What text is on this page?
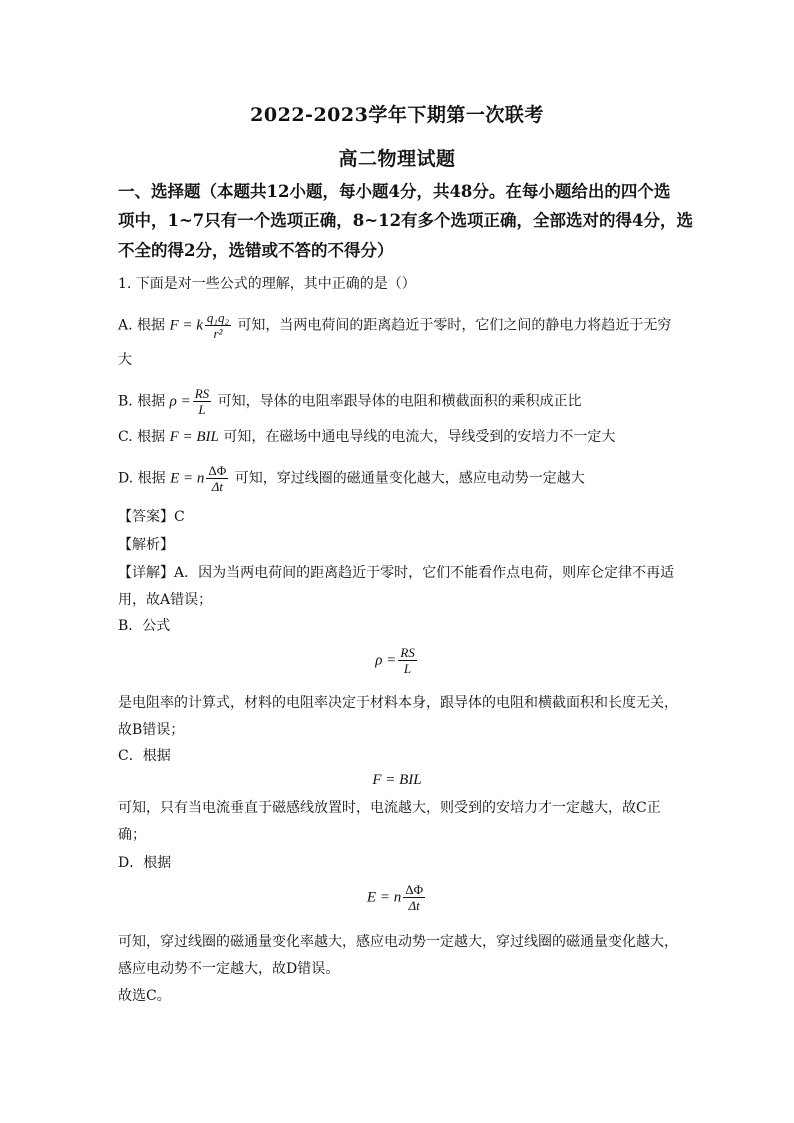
2022-2023学年下期第一次联考
高二物理试题
一、选择题（本题共12小题，每小题4分，共48分。在每小题给出的四个选
项中，1~7只有一个选项正确，8~12有多个选项正确，全部选对的得4分，选
不全的得2分，选错或不答的不得分）
1. 下面是对一些公式的理解，其中正确的是（）
A. 根据 F = k $\frac{\text{q₁q₂}}{\text{r²}}$ 可知，当两电荷间的距离趋近于零时，它们之间的静电力将趋近于无穷
大
B. 根据 $\rho = \frac{RS}{L}$ 可知，导体的电阻率跟导体的电阻和横截面积的乘积成正比
C. 根据 F = BIL 可知，在磁场中通电导线的电流大，导线受到的安培力不一定大
D. 根据 E = n $\frac{\Delta\Phi}{\Delta t}$ 可知，穿过线圈的磁通量变化越大，感应电动势一定越大
【答案】C
【解析】
【详解】A．因为当两电荷间的距离趋近于零时，它们不能看作点电荷，则库仑定律不再适
用，故A错误；
B．公式
$\rho = \frac{RS}{L}$
是电阻率的计算式，材料的电阻率决定于材料本身，跟导体的电阻和横截面积和长度无关，
故B错误；
C．根据
F = BIL
可知，只有当电流垂直于磁感线放置时，电流越大，则受到的安培力才一定越大，故C正
确；
D．根据
E = n $\frac{\Delta\Phi}{\Delta t}$
可知，穿过线圈的磁通量变化率越大，感应电动势一定越大，穿过线圈的磁通量变化越大，
感应电动势不一定越大，故D错误。
故选C。
